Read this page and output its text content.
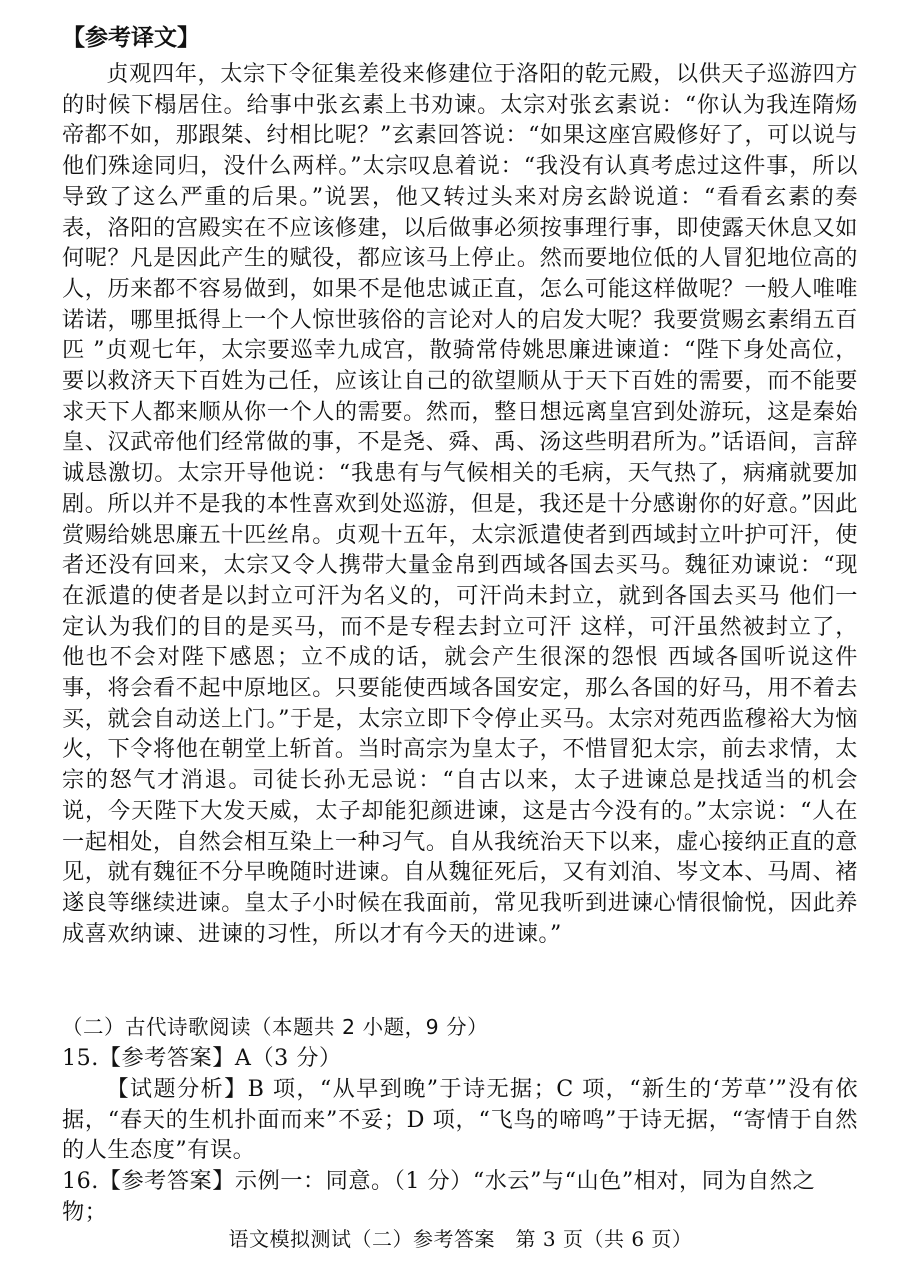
【参考译文】

贞观四年，太宗下令征集差役来修建位于洛阳的乾元殿，以供天子巡游四方的时候下榻居住。给事中张玄素上书劝谏。太宗对张玄素说：“你认为我连隋炀帝都不如，那跟桀、纣相比呢？”玄素回答说：“如果这座宫殿修好了，可以说与他们殊途同归，没什么两样。”太宗叹息着说：“我没有认真考虑过这件事，所以导致了这么严重的后果。”说罢，他又转过头来对房玄龄说道：“看看玄素的奏表，洛阳的宫殿实在不应该修建，以后做事必须按事理行事，即使露天休息又如何呢？凡是因此产生的赋役，都应该马上停止。然而要地位低的人冒犯地位高的人，历来都不容易做到，如果不是他忠诚正直，怎么可能这样做呢？一般人唯唯诺诺，哪里抵得上一个人惊世骇俗的言论对人的启发大呢？我要赏赐玄素绢五百匹 ”贞观七年，太宗要巡幸九成宫，散骑常侍姚思廉进谏道：“陛下身处高位，要以救济天下百姓为己任，应该让自己的欲望顺从于天下百姓的需要，而不能要求天下人都来顺从你一个人的需要。然而，整日想远离皇宫到处游玩，这是秦始皇、汉武帝他们经常做的事，不是尧、舜、禹、汤这些明君所为。”话语间，言辞诚恳激切。太宗开导他说：“我患有与气候相关的毛病，天气热了，病痛就要加剧。所以并不是我的本性喜欢到处巡游，但是，我还是十分感谢你的好意。”因此赏赐给姚思廉五十匹丝帛。贞观十五年，太宗派遣使者到西域封立叶护可汗，使者还没有回来，太宗又令人携带大量金帛到西域各国去买马。魏征劝谏说：“现在派遣的使者是以封立可汗为名义的，可汗尚未封立，就到各国去买马 他们一定认为我们的目的是买马，而不是专程去封立可汗 这样，可汗虽然被封立了，他也不会对陛下感恩；立不成的话，就会产生很深的怨恨 西域各国听说这件事，将会看不起中原地区。只要能使西域各国安定，那么各国的好马，用不着去买，就会自动送上门。”于是，太宗立即下令停止买马。太宗对苑西监穆裕大为恼火，下令将他在朝堂上斩首。当时高宗为皇太子，不惜冒犯太宗，前去求情，太宗的怒气才消退。司徒长孙无忌说：“自古以来，太子进谏总是找适当的机会说，今天陛下大发天威，太子却能犯颜进谏，这是古今没有的。”太宗说：“人在一起相处，自然会相互染上一种习气。自从我统治天下以来，虚心接纳正直的意见，就有魏征不分早晚随时进谏。自从魏征死后，又有刘洎、岑文本、马周、褚遂良等继续进谏。皇太子小时候在我面前，常见我听到进谏心情很愉悦，因此养成喜欢纳谏、进谏的习性，所以才有今天的进谏。”

（二）古代诗歌阅读（本题共 2 小题，9 分）
15.【参考答案】A（3 分）

【试题分析】B 项，“从早到晚”于诗无据；C 项，“新生的‘芳草’”没有依据，“春天的生机扑面而来”不妥；D 项，“飞鸟的啼鸣”于诗无据，“寄情于自然的人生态度”有误。

16.【参考答案】示例一：同意。（1 分）“水云”与“山色”相对，同为自然之物；
语文模拟测试（二）参考答案　第 3 页（共 6 页）
